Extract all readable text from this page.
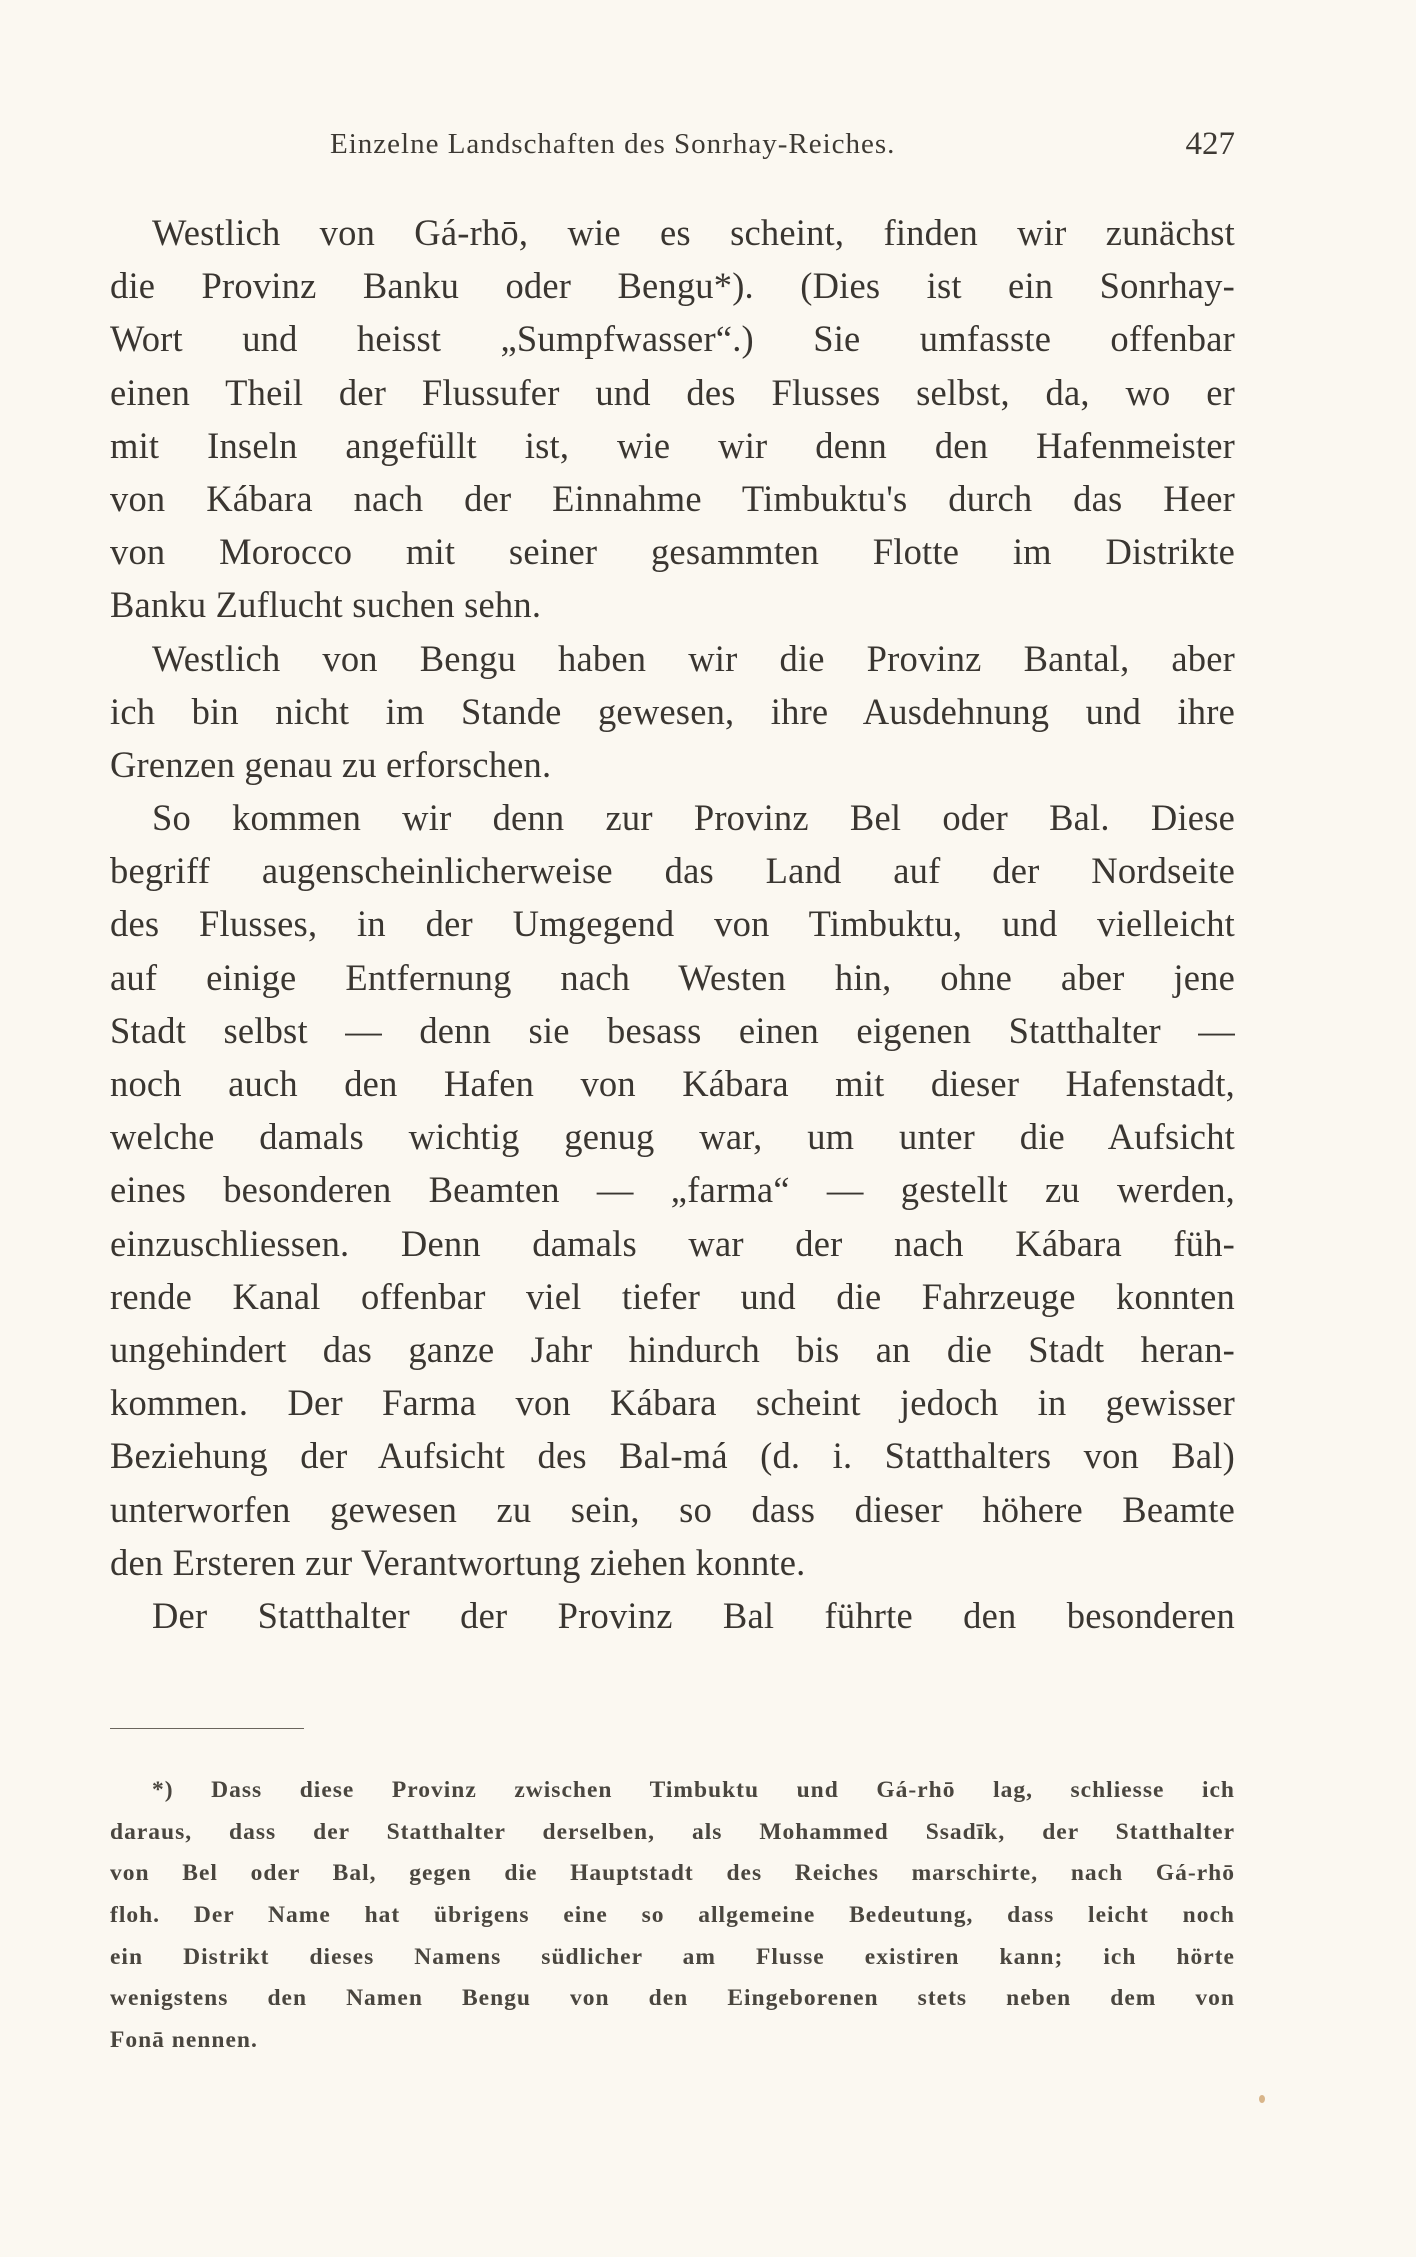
Einzelne Landschaften des Sonrhay-Reiches.	427
Westlich von Gá-rhō, wie es scheint, finden wir zunächst
die Provinz Banku oder Bengu*). (Dies ist ein Sonrhay-
Wort und heisst „Sumpfwasser“.) Sie umfasste offenbar
einen Theil der Flussufer und des Flusses selbst, da, wo er
mit Inseln angefüllt ist, wie wir denn den Hafenmeister
von Kábara nach der Einnahme Timbuktu's durch das Heer
von Morocco mit seiner gesammten Flotte im Distrikte
Banku Zuflucht suchen sehn.
Westlich von Bengu haben wir die Provinz Bantal, aber
ich bin nicht im Stande gewesen, ihre Ausdehnung und ihre
Grenzen genau zu erforschen.
So kommen wir denn zur Provinz Bel oder Bal. Diese
begriff augenscheinlicherweise das Land auf der Nordseite
des Flusses, in der Umgegend von Timbuktu, und vielleicht
auf einige Entfernung nach Westen hin, ohne aber jene
Stadt selbst — denn sie besass einen eigenen Statthalter —
noch auch den Hafen von Kábara mit dieser Hafenstadt,
welche damals wichtig genug war, um unter die Aufsicht
eines besonderen Beamten — „farma“ — gestellt zu werden,
einzuschliessen. Denn damals war der nach Kábara füh-
rende Kanal offenbar viel tiefer und die Fahrzeuge konnten
ungehindert das ganze Jahr hindurch bis an die Stadt heran-
kommen. Der Farma von Kábara scheint jedoch in gewisser
Beziehung der Aufsicht des Bal-má (d. i. Statthalters von Bal)
unterworfen gewesen zu sein, so dass dieser höhere Beamte
den Ersteren zur Verantwortung ziehen konnte.
Der Statthalter der Provinz Bal führte den besonderen
*) Dass diese Provinz zwischen Timbuktu und Gá-rhō lag, schliesse ich
daraus, dass der Statthalter derselben, als Mohammed Ssadīk, der Statthalter
von Bel oder Bal, gegen die Hauptstadt des Reiches marschirte, nach Gá-rhō
floh. Der Name hat übrigens eine so allgemeine Bedeutung, dass leicht noch
ein Distrikt dieses Namens südlicher am Flusse existiren kann; ich hörte
wenigstens den Namen Bengu von den Eingeborenen stets neben dem von
Fonā nennen.
